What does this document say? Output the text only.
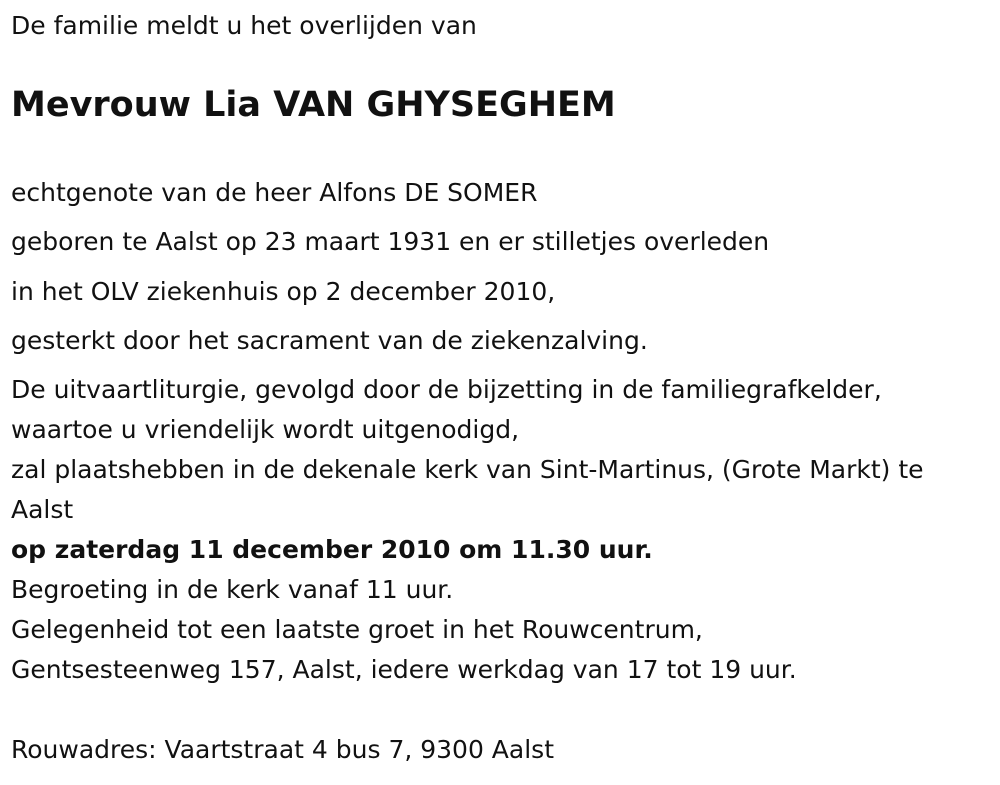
De familie meldt u het overlijden van
Mevrouw Lia VAN GHYSEGHEM
echtgenote van de heer Alfons DE SOMER
geboren te Aalst op 23 maart 1931 en er stilletjes overleden
in het OLV ziekenhuis op 2 december 2010,
gesterkt door het sacrament van de ziekenzalving.
De uitvaartliturgie, gevolgd door de bijzetting in de familiegrafkelder,
waartoe u vriendelijk wordt uitgenodigd,
zal plaatshebben in de dekenale kerk van Sint-Martinus, (Grote Markt) te
Aalst
op zaterdag 11 december 2010 om 11.30 uur.
Begroeting in de kerk vanaf 11 uur.
Gelegenheid tot een laatste groet in het Rouwcentrum,
Gentsesteenweg 157, Aalst, iedere werkdag van 17 tot 19 uur.
Rouwadres: Vaartstraat 4 bus 7, 9300 Aalst
